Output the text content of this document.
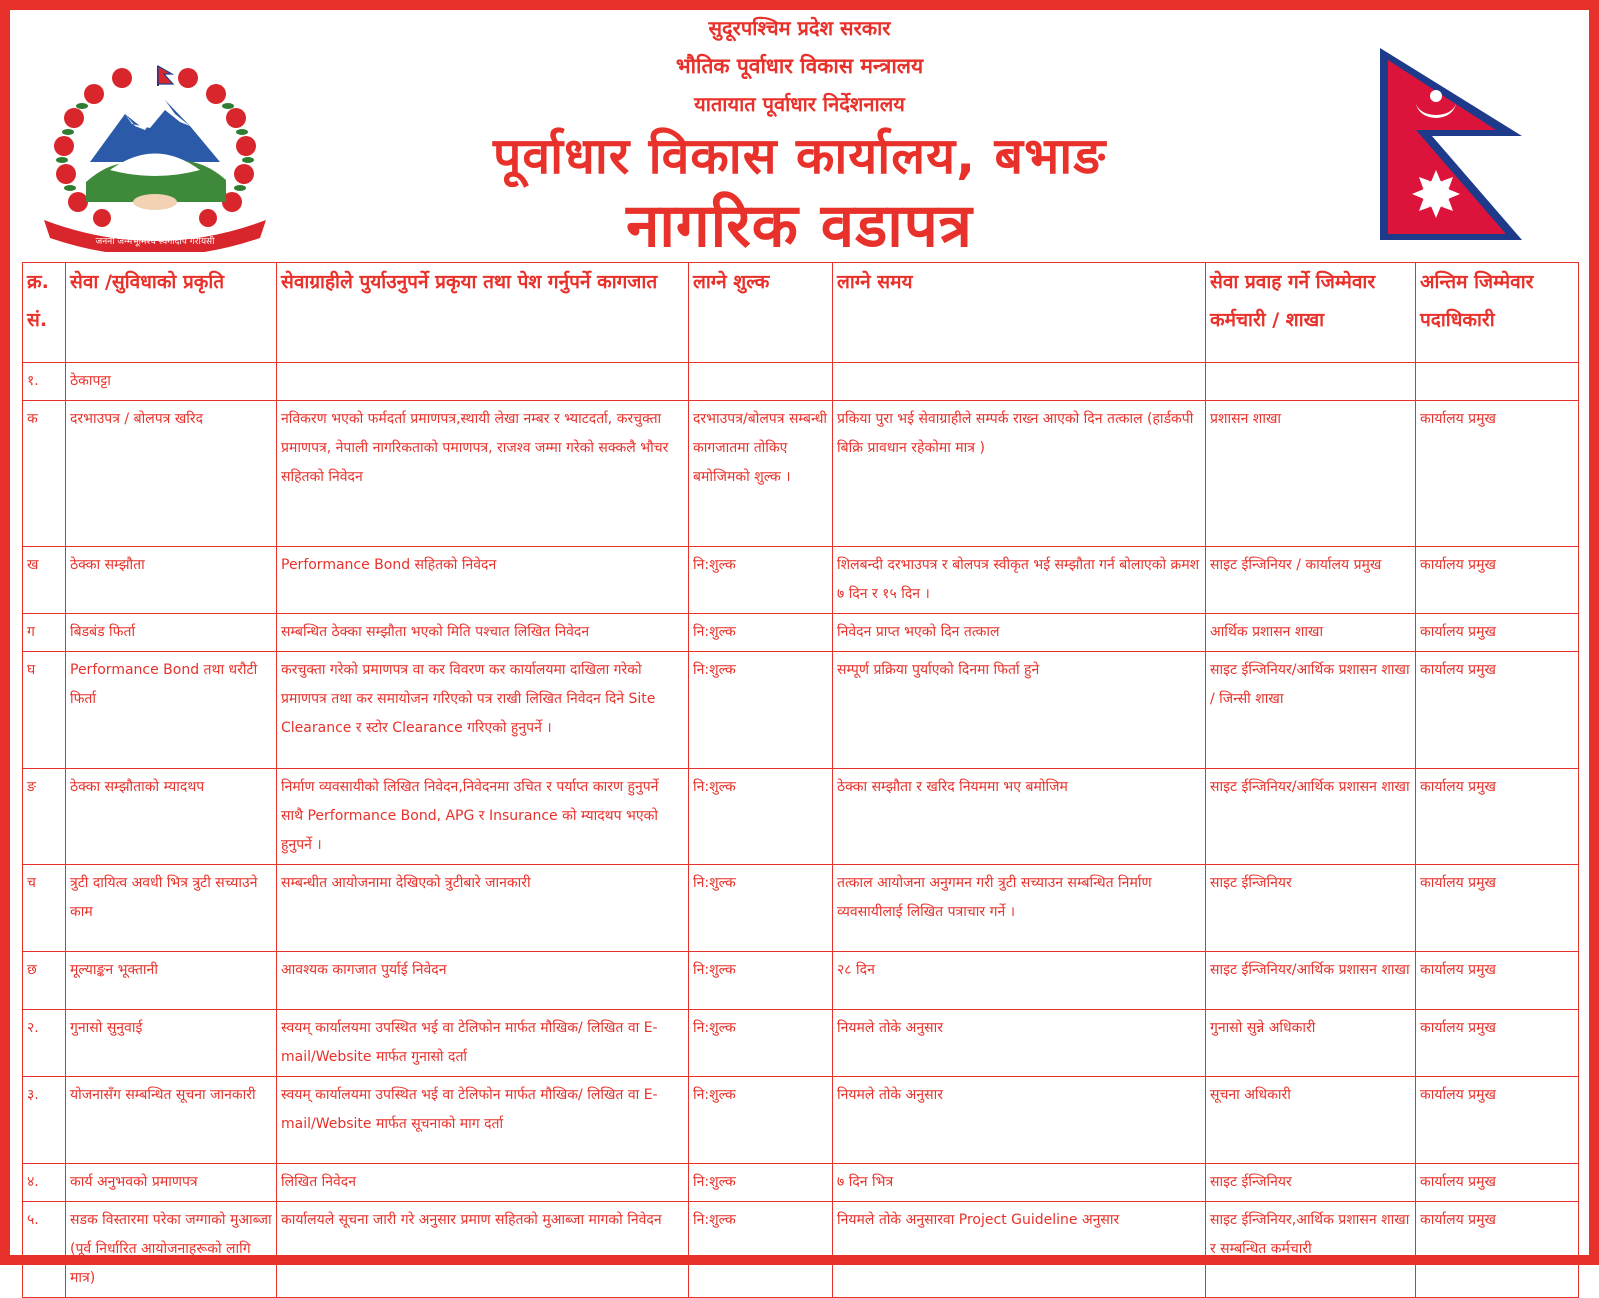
जननी जन्मभूमिश्च स्वर्गादपि गरीयसी
सुदूरपश्चिम प्रदेश सरकार
भौतिक पूर्वाधार विकास मन्त्रालय
यातायात पूर्वाधार निर्देशनालय
पूर्वाधार विकास कार्यालय, बभाङ
नागरिक वडापत्र
क्र. सं.	सेवा /सुविधाको प्रकृति	सेवाग्राहीले पुर्याउनुपर्ने प्रकृया तथा पेश गर्नुपर्ने कागजात	लाग्ने शुल्क	लाग्ने समय	सेवा प्रवाह गर्ने जिम्मेवार कर्मचारी / शाखा	अन्तिम जिम्मेवार पदाधिकारी
१.	ठेकापट्टा					
क	दरभाउपत्र / बोलपत्र खरिद	नविकरण भएको फर्मदर्ता प्रमाणपत्र,स्थायी लेखा नम्बर र भ्याटदर्ता, करचुक्ता प्रमाणपत्र, नेपाली नागरिकताको पमाणपत्र, राजश्व जम्मा गरेको सक्कलै भौचर सहितको निवेदन	दरभाउपत्र/बोलपत्र सम्बन्धी कागजातमा तोकिए बमोजिमको शुल्क ।	प्रकिया पुरा भई सेवाग्राहीले सम्पर्क राख्न आएको दिन तत्काल (हार्डकपी बिक्रि प्रावधान रहेकोमा मात्र )	प्रशासन शाखा	कार्यालय प्रमुख
ख	ठेक्का सम्झौता	Performance Bond सहितको निवेदन	नि:शुल्क	शिलबन्दी दरभाउपत्र र बोलपत्र स्वीकृत भई सम्झौता गर्न बोलाएको क्रमश ७ दिन र १५ दिन ।	साइट ईन्जिनियर / कार्यालय प्रमुख	कार्यालय प्रमुख
ग	बिडबंड फिर्ता	सम्बन्धित ठेक्का सम्झौता भएको मिति पश्चात लिखित निवेदन	नि:शुल्क	निवेदन प्राप्त भएको दिन तत्काल	आर्थिक प्रशासन शाखा	कार्यालय प्रमुख
घ	Performance Bond तथा धरौटी फिर्ता	करचुक्ता गरेको प्रमाणपत्र वा कर विवरण कर कार्यालयमा दाखिला गरेको प्रमाणपत्र तथा कर समायोजन गरिएको पत्र राखी लिखित निवेदन दिने Site Clearance र स्टोर Clearance गरिएको हुनुपर्ने ।	नि:शुल्क	सम्पूर्ण प्रक्रिया पुर्याएको दिनमा फिर्ता हुने	साइट ईन्जिनियर/आर्थिक प्रशासन शाखा / जिन्सी शाखा	कार्यालय प्रमुख
ङ	ठेक्का सम्झौताको म्यादथप	निर्माण व्यवसायीको लिखित निवेदन,निवेदनमा उचित र पर्याप्त कारण हुनुपर्ने साथै Performance Bond, APG र Insurance को म्यादथप भएको हुनुपर्ने ।	नि:शुल्क	ठेक्का सम्झौता र खरिद नियममा भए बमोजिम	साइट ईन्जिनियर/आर्थिक प्रशासन शाखा	कार्यालय प्रमुख
च	त्रुटी दायित्व अवधी भित्र त्रुटी सच्याउने काम	सम्बन्धीत आयोजनामा देखिएको त्रुटीबारे जानकारी	नि:शुल्क	तत्काल आयोजना अनुगमन गरी त्रुटी सच्याउन सम्बन्धित निर्माण व्यवसायीलाई लिखित पत्राचार गर्ने ।	साइट ईन्जिनियर	कार्यालय प्रमुख
छ	मूल्याङ्कन भूक्तानी	आवश्यक कागजात पुर्याई निवेदन	नि:शुल्क	२८ दिन	साइट ईन्जिनियर/आर्थिक प्रशासन शाखा	कार्यालय प्रमुख
२.	गुनासो सुनुवाई	स्वयम् कार्यालयमा उपस्थित भई वा टेलिफोन मार्फत मौखिक/ लिखित वा E-mail/Website मार्फत गुनासो दर्ता	नि:शुल्क	नियमले तोके अनुसार	गुनासो सुन्ने अधिकारी	कार्यालय प्रमुख
३.	योजनासँग सम्बन्धित सूचना जानकारी	स्वयम् कार्यालयमा उपस्थित भई वा टेलिफोन मार्फत मौखिक/ लिखित वा E-mail/Website मार्फत सूचनाको माग दर्ता	नि:शुल्क	नियमले तोके अनुसार	सूचना अधिकारी	कार्यालय प्रमुख
४.	कार्य अनुभवको प्रमाणपत्र	लिखित निवेदन	नि:शुल्क	७ दिन भित्र	साइट ईन्जिनियर	कार्यालय प्रमुख
५.	सडक विस्तारमा परेका जग्गाको मुआब्जा (पूर्व निर्धारित आयोजनाहरूको लागि मात्र)	कार्यालयले सूचना जारी गरे अनुसार प्रमाण सहितको मुआब्जा मागको निवेदन	नि:शुल्क	नियमले तोके अनुसारवा Project Guideline अनुसार	साइट ईन्जिनियर,आर्थिक प्रशासन शाखा र सम्बन्धित कर्मचारी	कार्यालय प्रमुख
